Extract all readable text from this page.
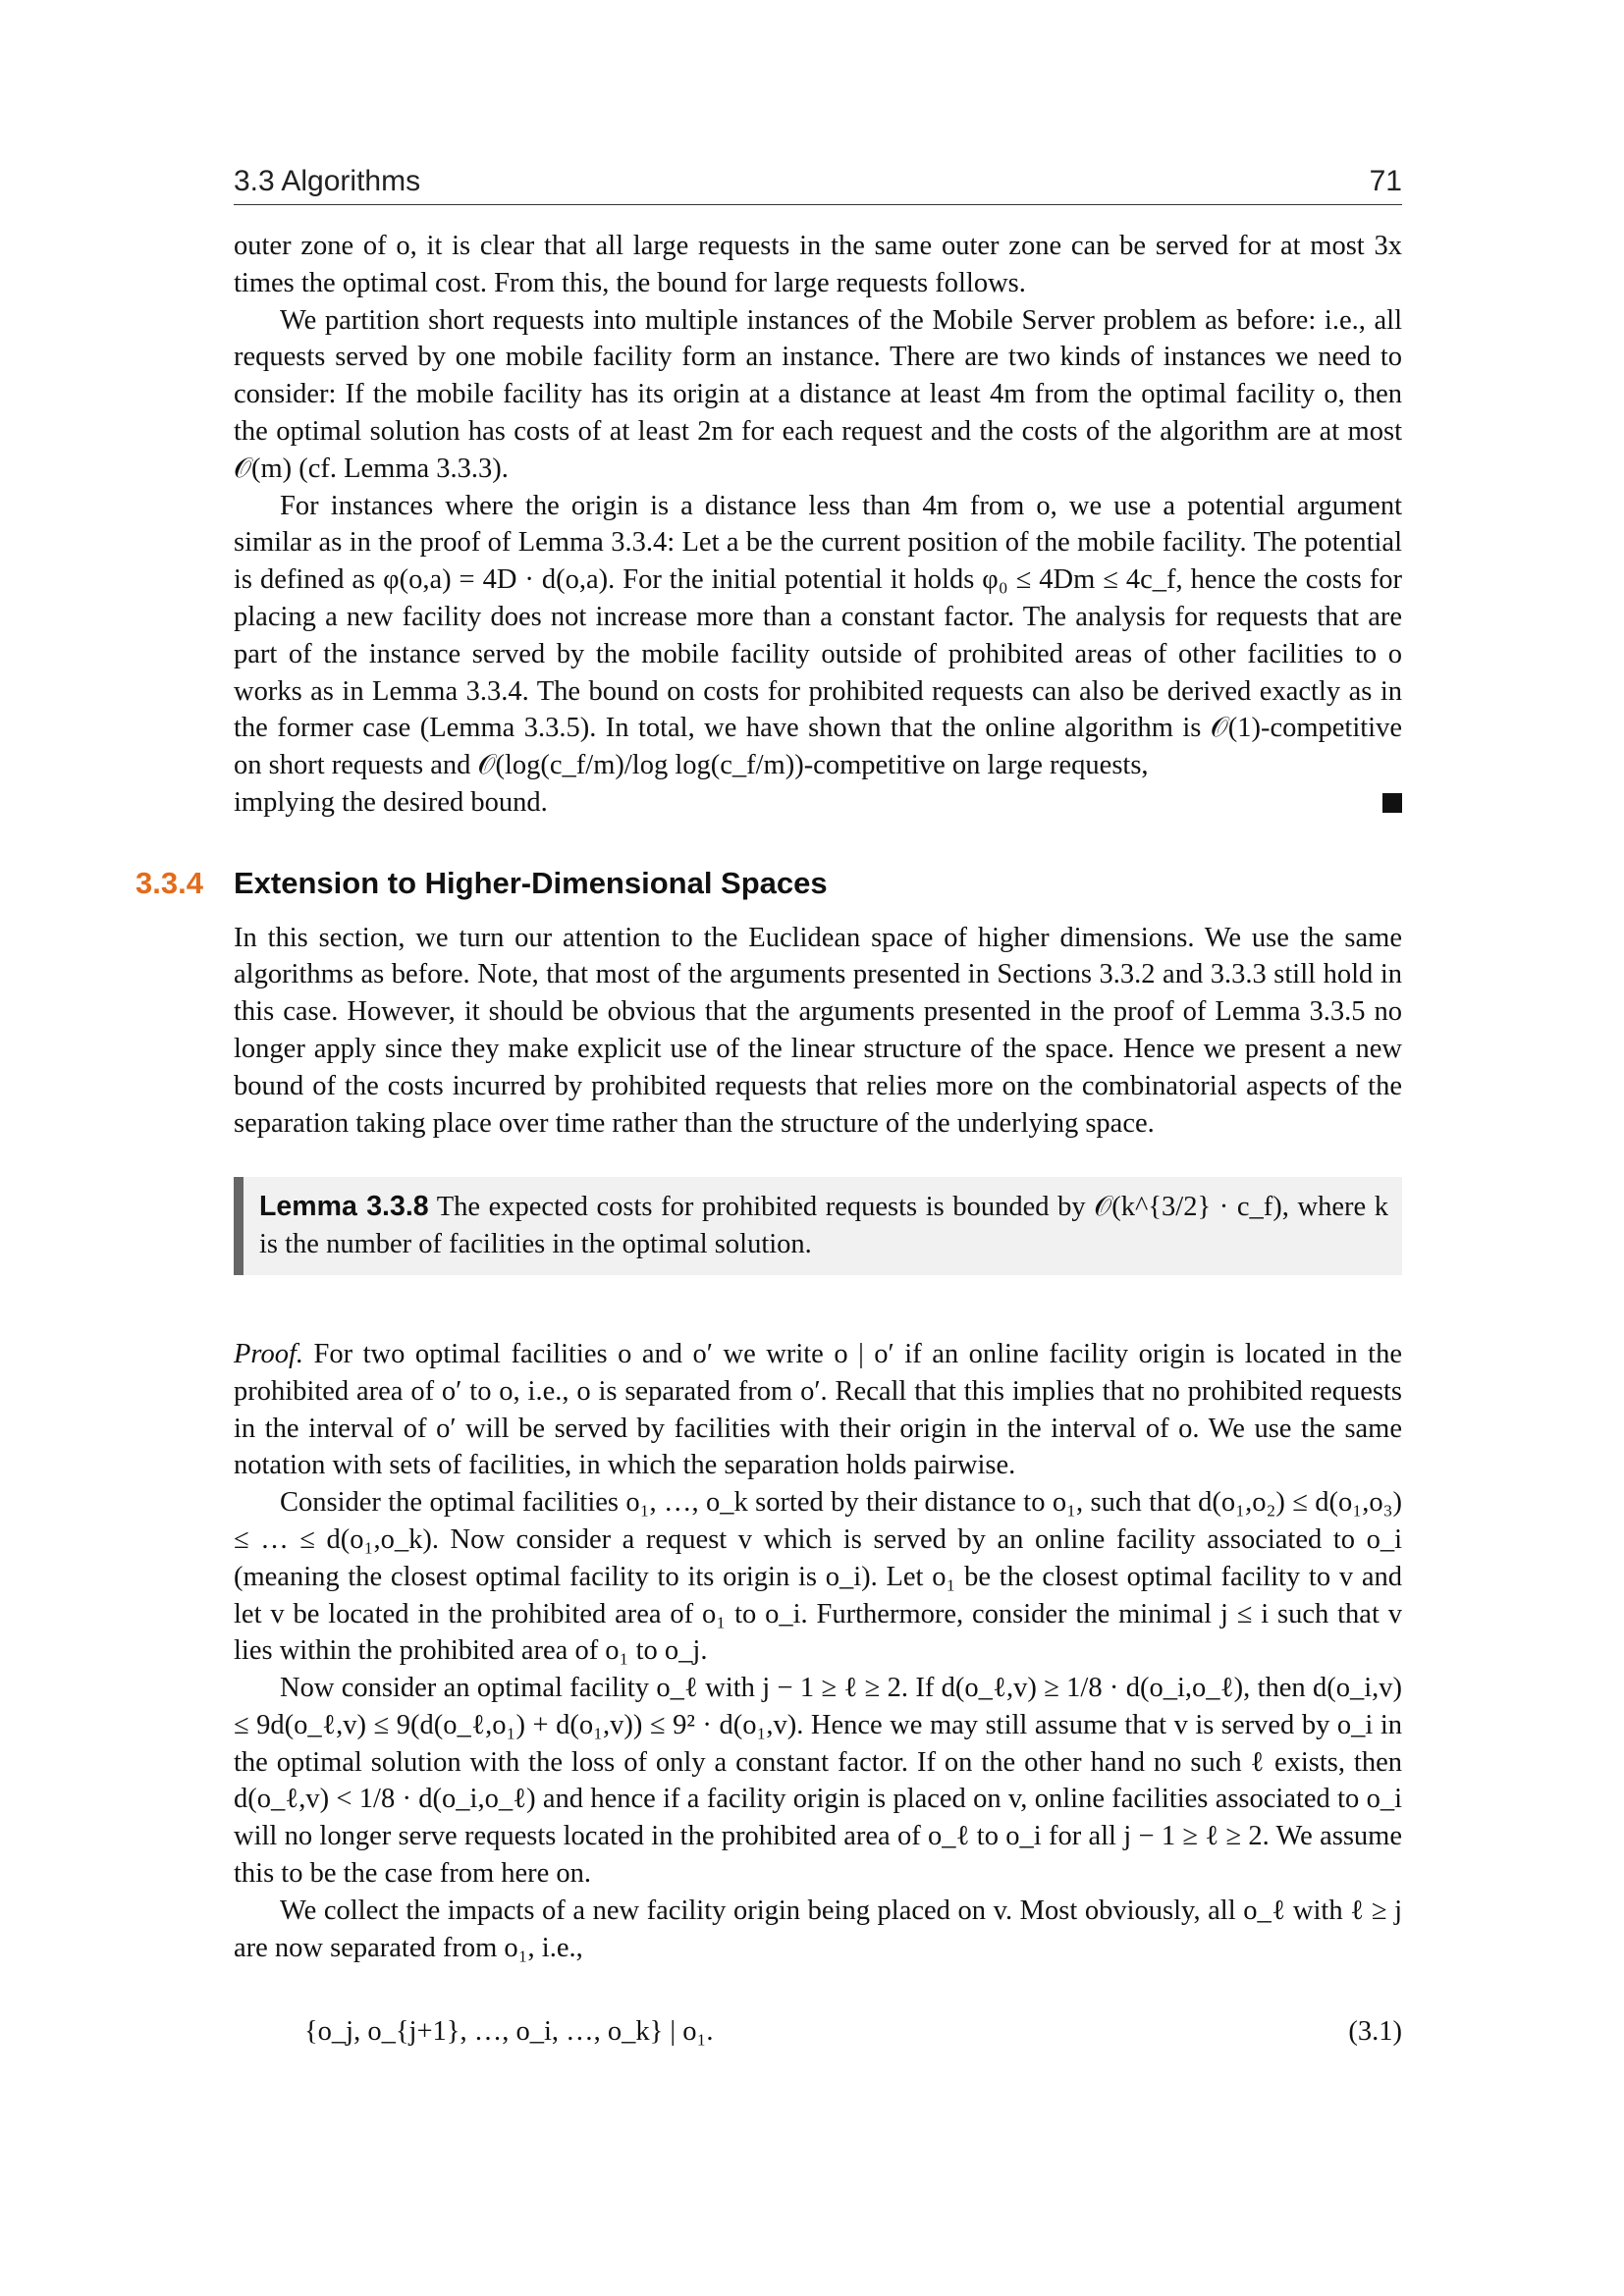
3.3 Algorithms	71

outer zone of o, it is clear that all large requests in the same outer zone can be served for at most 3x times the optimal cost. From this, the bound for large requests follows.

We partition short requests into multiple instances of the Mobile Server problem as before: i.e., all requests served by one mobile facility form an instance. There are two kinds of instances we need to consider: If the mobile facility has its origin at a distance at least 4m from the optimal facility o, then the optimal solution has costs of at least 2m for each request and the costs of the algorithm are at most 𝒪(m) (cf. Lemma 3.3.3).

For instances where the origin is a distance less than 4m from o, we use a potential argument similar as in the proof of Lemma 3.3.4: Let a be the current position of the mobile facility. The potential is defined as φ(o,a) = 4D · d(o,a). For the initial potential it holds φ₀ ≤ 4Dm ≤ 4c_f, hence the costs for placing a new facility does not increase more than a constant factor. The analysis for requests that are part of the instance served by the mobile facility outside of prohibited areas of other facilities to o works as in Lemma 3.3.4. The bound on costs for prohibited requests can also be derived exactly as in the former case (Lemma 3.3.5). In total, we have shown that the online algorithm is 𝒪(1)-competitive on short requests and 𝒪(log(c_f/m)/log log(c_f/m))-competitive on large requests,

implying the desired bound.
3.3.4 Extension to Higher-Dimensional Spaces

In this section, we turn our attention to the Euclidean space of higher dimensions. We use the same algorithms as before. Note, that most of the arguments presented in Sections 3.3.2 and 3.3.3 still hold in this case. However, it should be obvious that the arguments presented in the proof of Lemma 3.3.5 no longer apply since they make explicit use of the linear structure of the space. Hence we present a new bound of the costs incurred by prohibited requests that relies more on the combinatorial aspects of the separation taking place over time rather than the structure of the underlying space.

Lemma 3.3.8 The expected costs for prohibited requests is bounded by 𝒪(k^{3/2} · c_f), where k is the number of facilities in the optimal solution.

Proof. For two optimal facilities o and o′ we write o | o′ if an online facility origin is located in the prohibited area of o′ to o, i.e., o is separated from o′. Recall that this implies that no prohibited requests in the interval of o′ will be served by facilities with their origin in the interval of o. We use the same notation with sets of facilities, in which the separation holds pairwise.

Consider the optimal facilities o₁, …, o_k sorted by their distance to o₁, such that d(o₁,o₂) ≤ d(o₁,o₃) ≤ … ≤ d(o₁,o_k). Now consider a request v which is served by an online facility associated to o_i (meaning the closest optimal facility to its origin is o_i). Let o₁ be the closest optimal facility to v and let v be located in the prohibited area of o₁ to o_i. Furthermore, consider the minimal j ≤ i such that v lies within the prohibited area of o₁ to o_j.

Now consider an optimal facility o_ℓ with j − 1 ≥ ℓ ≥ 2. If d(o_ℓ,v) ≥ 1/8 · d(o_i,o_ℓ), then d(o_i,v) ≤ 9d(o_ℓ,v) ≤ 9(d(o_ℓ,o₁) + d(o₁,v)) ≤ 9² · d(o₁,v). Hence we may still assume that v is served by o_i in the optimal solution with the loss of only a constant factor. If on the other hand no such ℓ exists, then d(o_ℓ,v) < 1/8 · d(o_i,o_ℓ) and hence if a facility origin is placed on v, online facilities associated to o_i will no longer serve requests located in the prohibited area of o_ℓ to o_i for all j − 1 ≥ ℓ ≥ 2. We assume this to be the case from here on.

We collect the impacts of a new facility origin being placed on v. Most obviously, all o_ℓ with ℓ ≥ j are now separated from o₁, i.e.,

{o_j, o_{j+1}, …, o_i, …, o_k} | o₁.	(3.1)
